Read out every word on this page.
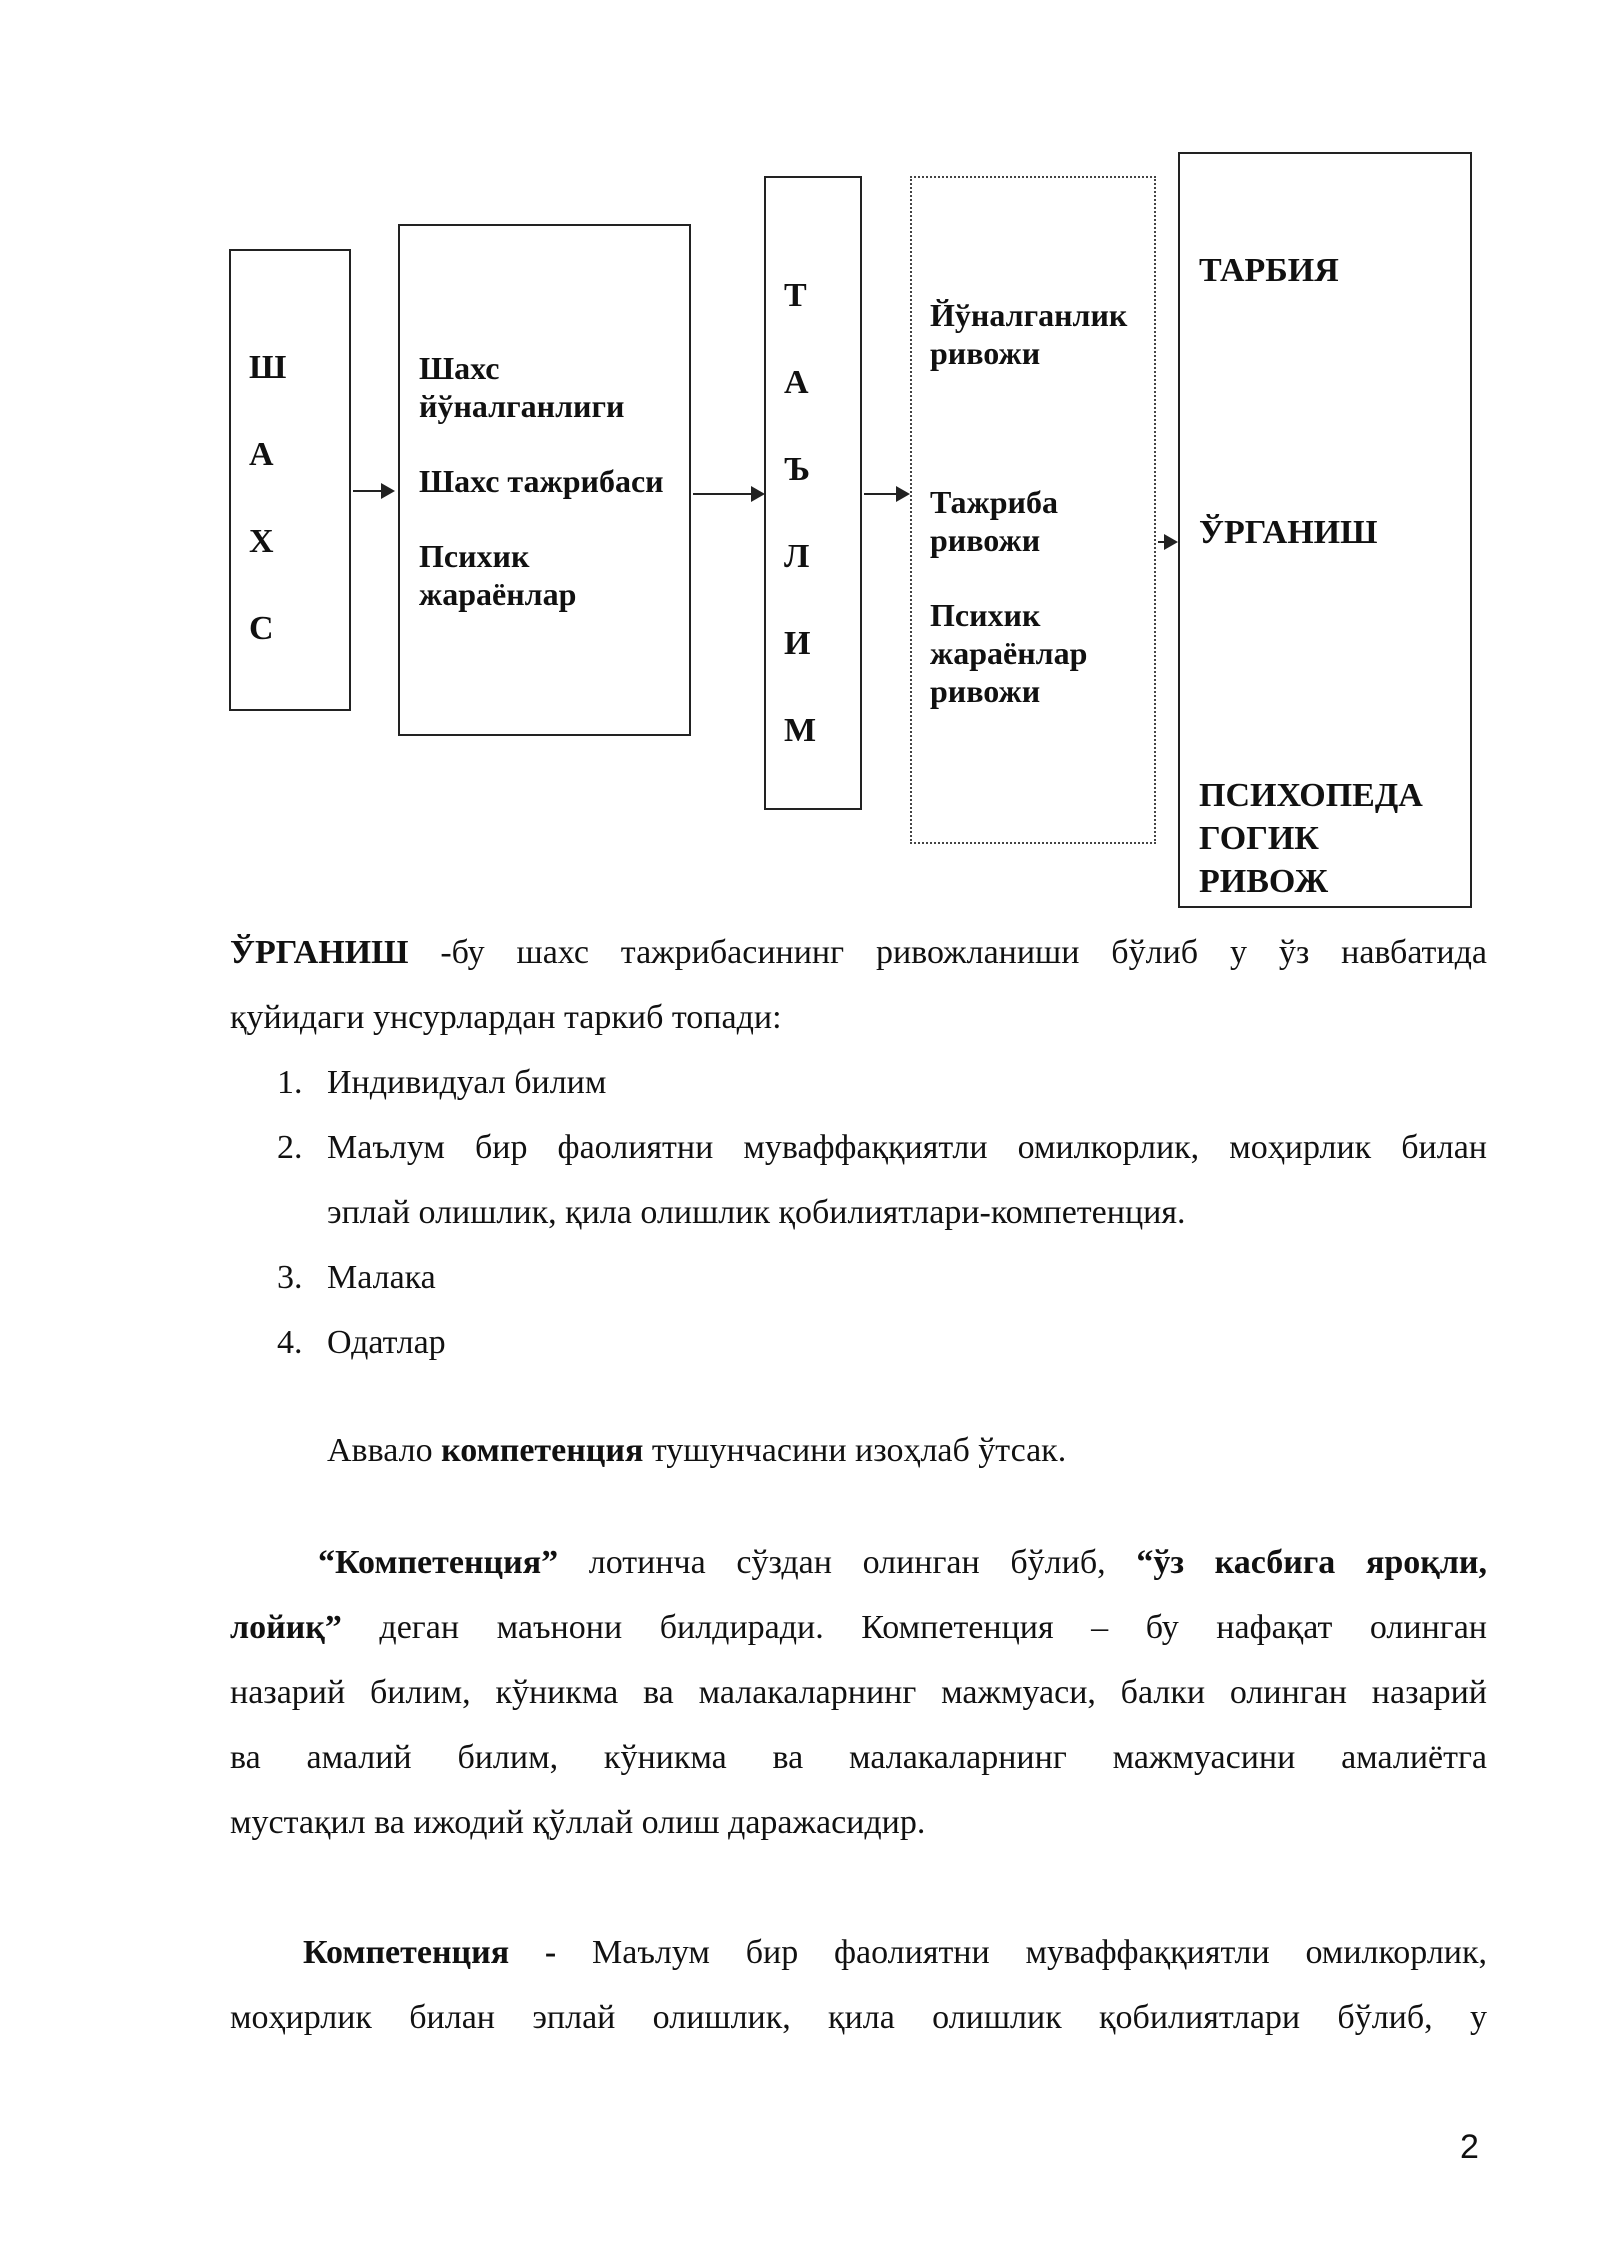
Ш
А
Х
С
Шахс
йўналганлиги
Шахс тажрибаси
Психик
жараёнлар
Т
А
Ъ
Л
И
М
Йўналганлик
ривожи
Тажриба
ривожи
Психик
жараёнлар
ривожи
ТАРБИЯ
ЎРГАНИШ
ПСИХОПЕДА
ГОГИК
РИВОЖ
ЎРГАНИШ -бу шахс тажрибасининг ривожланиши бўлиб у ўз навбатида
қуйидаги унсурлардан таркиб топади:
1. Индивидуал билим
2. Маълум бир фаолиятни муваффаққиятли омилкорлик, моҳирлик билан
эплай олишлик, қила олишлик қобилиятлари-компетенция.
3. Малака
4. Одатлар
Аввало компетенция тушунчасини изоҳлаб ўтсак.
“Компетенция” лотинча сўздан олинган бўлиб, “ўз касбига яроқли,
лойиқ” деган маънони билдиради. Компетенция – бу нафақат олинган
назарий билим, кўникма ва малакаларнинг мажмуаси, балки олинган назарий
ва амалий билим, кўникма ва малакаларнинг мажмуасини амалиётга
мустақил ва ижодий қўллай олиш даражасидир.
Компетенция - Маълум бир фаолиятни муваффаққиятли омилкорлик,
моҳирлик билан эплай олишлик, қила олишлик қобилиятлари бўлиб, у
2
